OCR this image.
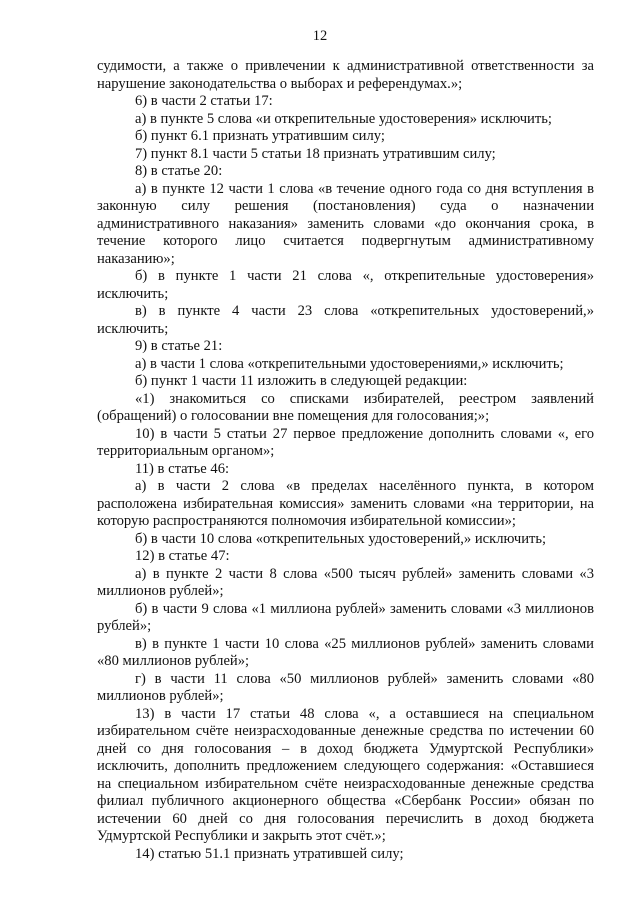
12

судимости, а также о привлечении к административной ответственности за нарушение законодательства о выборах и референдумах.»;

6) в части 2 статьи 17:

а) в пункте 5 слова «и открепительные удостоверения» исключить;

б) пункт 6.1 признать утратившим силу;

7) пункт 8.1 части 5 статьи 18 признать утратившим силу;

8) в статье 20:

а) в пункте 12 части 1 слова «в течение одного года со дня вступления в законную силу решения (постановления) суда о назначении административного наказания» заменить словами «до окончания срока, в течение которого лицо считается подвергнутым административному наказанию»;

б) в пункте 1 части 21 слова «, открепительные удостоверения» исключить;

в) в пункте 4 части 23 слова «открепительных удостоверений,» исключить;

9) в статье 21:

а) в части 1 слова «открепительными удостоверениями,» исключить;

б) пункт 1 части 11 изложить в следующей редакции:

«1) знакомиться со списками избирателей, реестром заявлений (обращений) о голосовании вне помещения для голосования;»;

10) в части 5 статьи 27 первое предложение дополнить словами «, его территориальным органом»;

11) в статье 46:

а) в части 2 слова «в пределах населённого пункта, в котором расположена избирательная комиссия» заменить словами «на территории, на которую распространяются полномочия избирательной комиссии»;

б) в части 10 слова «открепительных удостоверений,» исключить;

12) в статье 47:

а) в пункте 2 части 8 слова «500 тысяч рублей» заменить словами «3 миллионов рублей»;

б) в части 9 слова «1 миллиона рублей» заменить словами «3 миллионов рублей»;

в) в пункте 1 части 10 слова «25 миллионов рублей» заменить словами «80 миллионов рублей»;

г) в части 11 слова «50 миллионов рублей» заменить словами «80 миллионов рублей»;

13) в части 17 статьи 48 слова «, а оставшиеся на специальном избирательном счёте неизрасходованные денежные средства по истечении 60 дней со дня голосования – в доход бюджета Удмуртской Республики» исключить, дополнить предложением следующего содержания: «Оставшиеся на специальном избирательном счёте неизрасходованные денежные средства филиал публичного акционерного общества «Сбербанк России» обязан по истечении 60 дней со дня голосования перечислить в доход бюджета Удмуртской Республики и закрыть этот счёт.»;

14) статью 51.1 признать утратившей силу;
